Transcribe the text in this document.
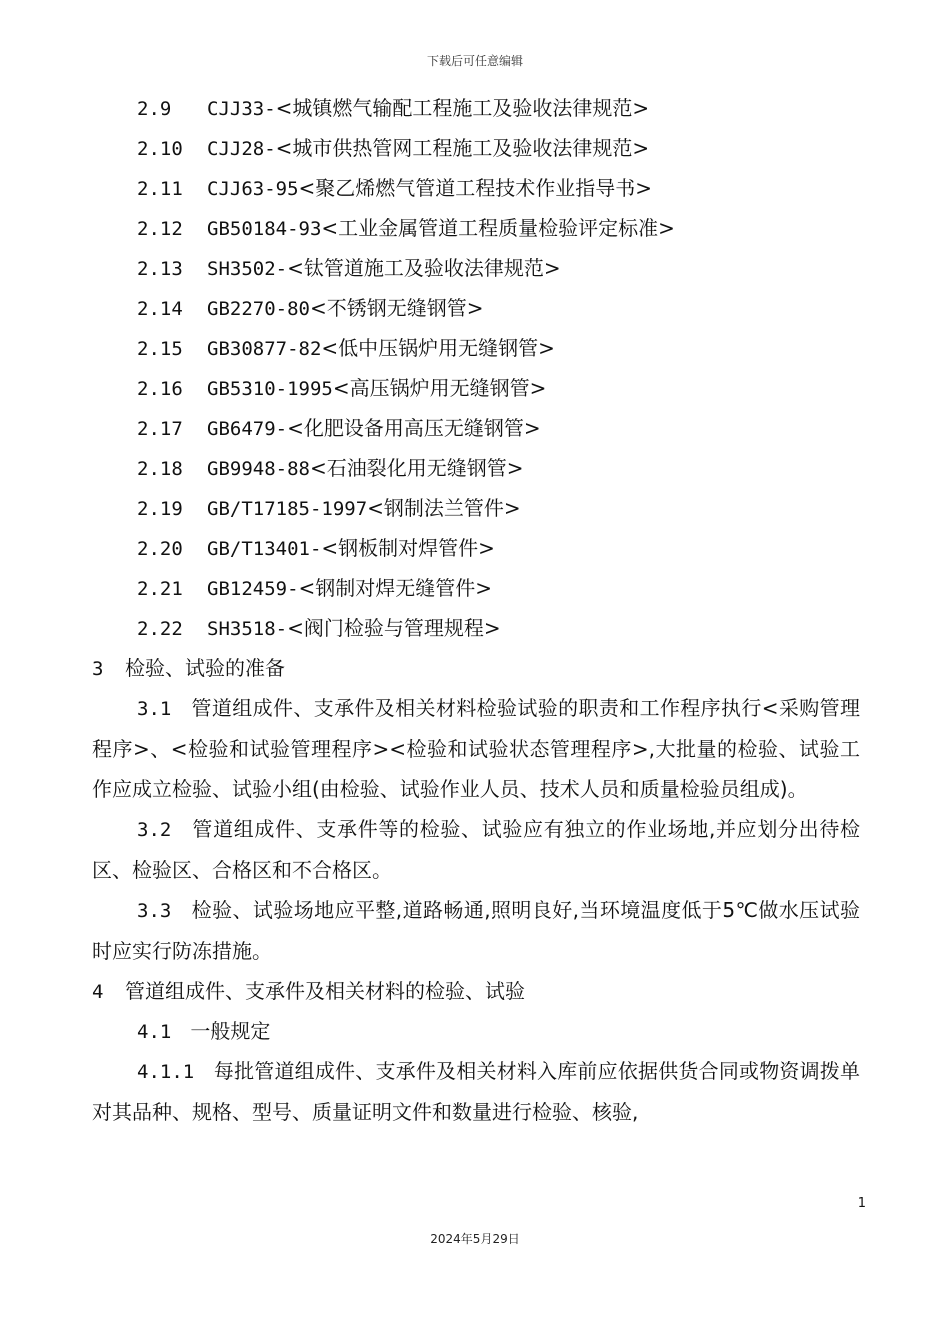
下载后可任意编辑
2.9 CJJ33-<城镇燃气输配工程施工及验收法律规范>
2.10 CJJ28-<城市供热管网工程施工及验收法律规范>
2.11 CJJ63-95<聚乙烯燃气管道工程技术作业指导书>
2.12 GB50184-93<工业金属管道工程质量检验评定标准>
2.13 SH3502-<钛管道施工及验收法律规范>
2.14 GB2270-80<不锈钢无缝钢管>
2.15 GB30877-82<低中压锅炉用无缝钢管>
2.16 GB5310-1995<高压锅炉用无缝钢管>
2.17 GB6479-<化肥设备用高压无缝钢管>
2.18 GB9948-88<石油裂化用无缝钢管>
2.19 GB/T17185-1997<钢制法兰管件>
2.20 GB/T13401-<钢板制对焊管件>
2.21 GB12459-<钢制对焊无缝管件>
2.22 SH3518-<阀门检验与管理规程>
3 检验、试验的准备
3.1 管道组成件、支承件及相关材料检验试验的职责和工作程序执行<采购管理程序>、<检验和试验管理程序><检验和试验状态管理程序>,大批量的检验、试验工作应成立检验、试验小组(由检验、试验作业人员、技术人员和质量检验员组成)。
3.2 管道组成件、支承件等的检验、试验应有独立的作业场地,并应划分出待检区、检验区、合格区和不合格区。
3.3 检验、试验场地应平整,道路畅通,照明良好,当环境温度低于5℃做水压试验时应实行防冻措施。
4 管道组成件、支承件及相关材料的检验、试验
4.1 一般规定
4.1.1 每批管道组成件、支承件及相关材料入库前应依据供货合同或物资调拨单对其品种、规格、型号、质量证明文件和数量进行检验、核验,
1
2024年5月29日
